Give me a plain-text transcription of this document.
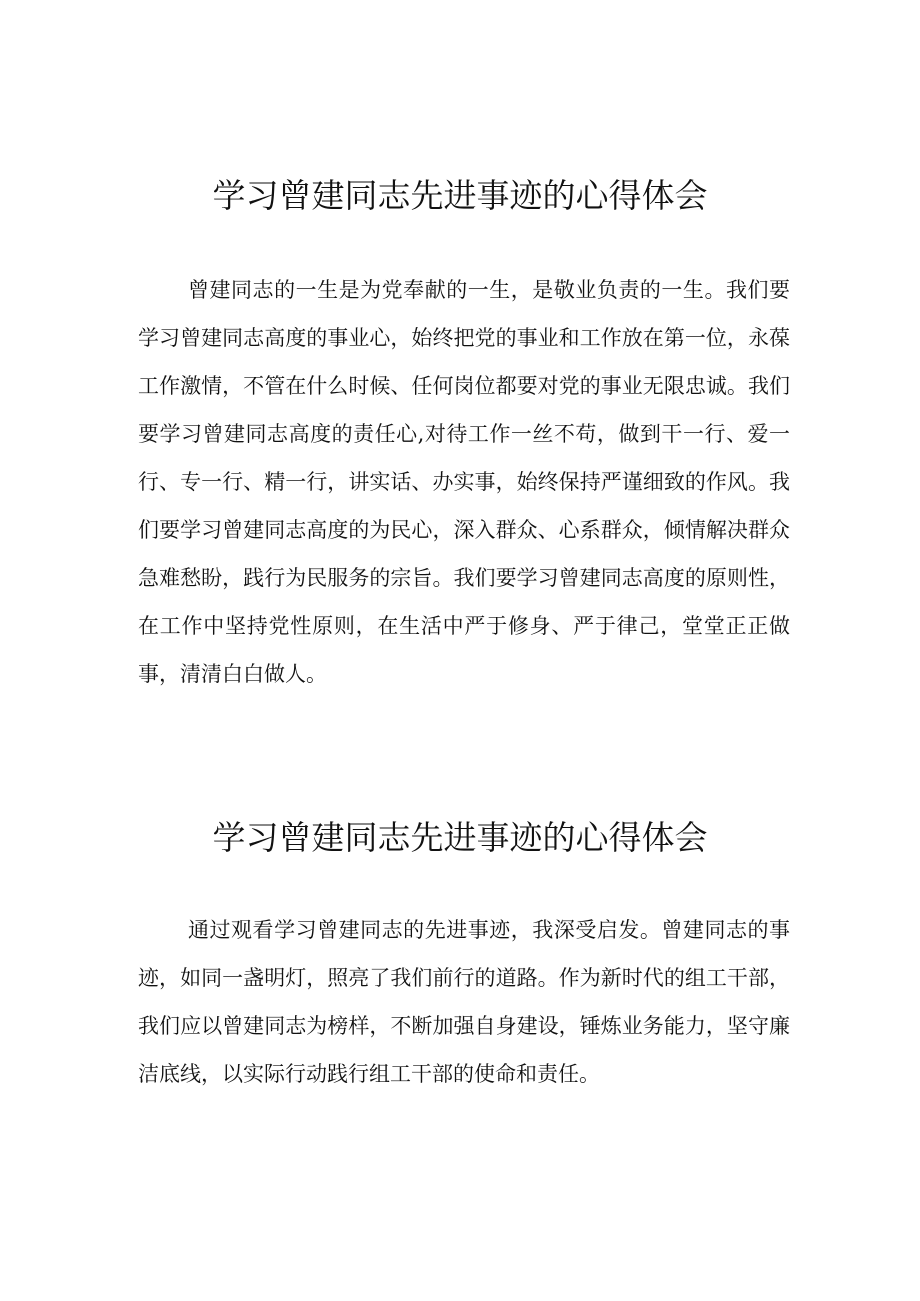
学习曾建同志先进事迹的心得体会

曾建同志的一生是为党奉献的一生，是敬业负责的一生。我们要学习曾建同志高度的事业心，始终把党的事业和工作放在第一位，永葆工作激情，不管在什么时候、任何岗位都要对党的事业无限忠诚。我们要学习曾建同志高度的责任心,对待工作一丝不苟，做到干一行、爱一行、专一行、精一行，讲实话、办实事，始终保持严谨细致的作风。我们要学习曾建同志高度的为民心，深入群众、心系群众，倾情解决群众急难愁盼，践行为民服务的宗旨。我们要学习曾建同志高度的原则性，在工作中坚持党性原则，在生活中严于修身、严于律己，堂堂正正做事，清清白白做人。

学习曾建同志先进事迹的心得体会

通过观看学习曾建同志的先进事迹，我深受启发。曾建同志的事迹，如同一盏明灯，照亮了我们前行的道路。作为新时代的组工干部，我们应以曾建同志为榜样，不断加强自身建设，锤炼业务能力，坚守廉洁底线，以实际行动践行组工干部的使命和责任。
